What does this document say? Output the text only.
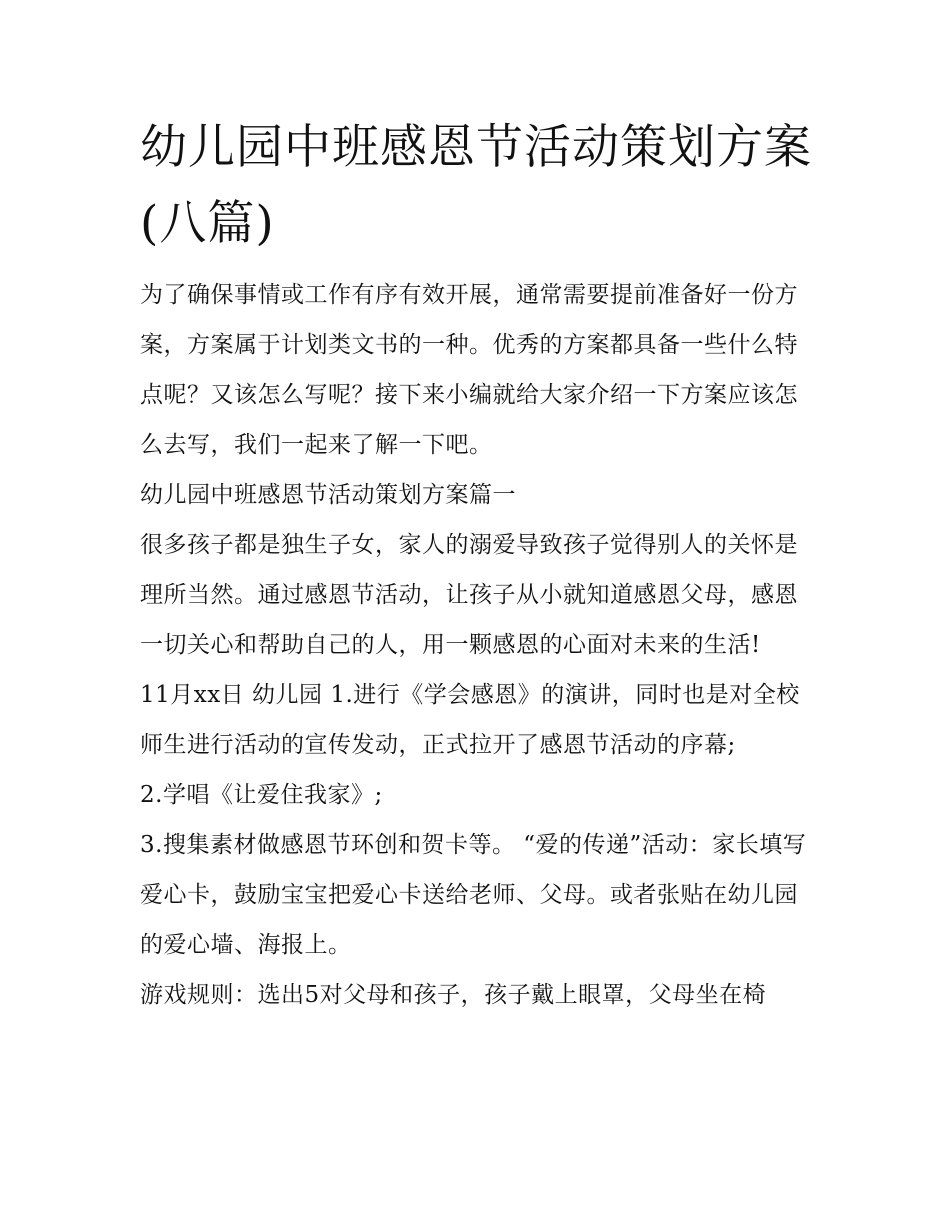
幼儿园中班感恩节活动策划方案(八篇)

为了确保事情或工作有序有效开展，通常需要提前准备好一份方案，方案属于计划类文书的一种。优秀的方案都具备一些什么特点呢？又该怎么写呢？接下来小编就给大家介绍一下方案应该怎么去写，我们一起来了解一下吧。

幼儿园中班感恩节活动策划方案篇一

很多孩子都是独生子女，家人的溺爱导致孩子觉得别人的关怀是理所当然。通过感恩节活动，让孩子从小就知道感恩父母，感恩一切关心和帮助自己的人，用一颗感恩的心面对未来的生活!

11月xx日 幼儿园 1.进行《学会感恩》的演讲，同时也是对全校师生进行活动的宣传发动，正式拉开了感恩节活动的序幕;

2.学唱《让爱住我家》;

3.搜集素材做感恩节环创和贺卡等。 “爱的传递”活动：家长填写爱心卡，鼓励宝宝把爱心卡送给老师、父母。或者张贴在幼儿园的爱心墙、海报上。

游戏规则：选出5对父母和孩子，孩子戴上眼罩，父母坐在椅
